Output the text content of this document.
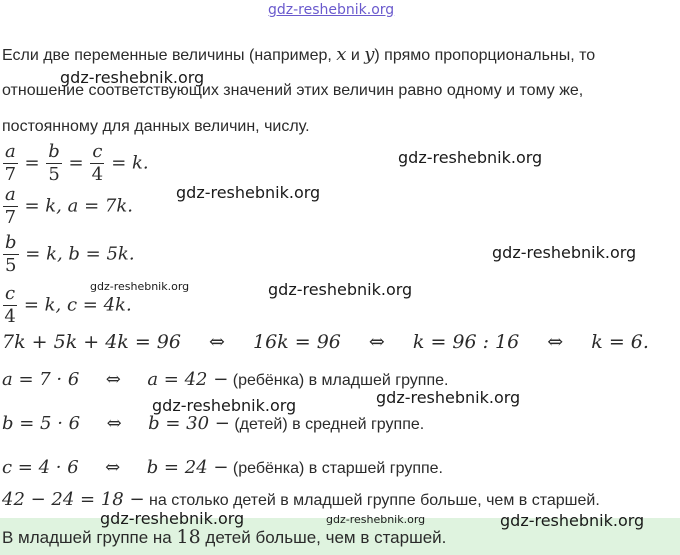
gdz-reshebnik.org
gdz-reshebnik.org
gdz-reshebnik.org
gdz-reshebnik.org
gdz-reshebnik.org
gdz-reshebnik.org	gdz-reshebnik.org
gdz-reshebnik.org
gdz-reshebnik.org
Если две переменные величины (например, x и y) прямо пропорциональны, то
отношение соответствующих значений этих величин равно одному и тому же,
постоянному для данных величин, числу.
$\frac{a}{7} = \frac{b}{5} = \frac{c}{4} = k$.
$\frac{a}{7} = k$, a = 7k.
$\frac{b}{5} = k$, b = 5k.
$\frac{c}{4} = k$, c = 4k.
7k + 5k + 4k = 96 ⇔ 16k = 96 ⇔ k = 96 : 16 ⇔ k = 6.
a = 7 · 6 ⇔ a = 42 − (ребёнка) в младшей группе.
b = 5 · 6 ⇔ b = 30 − (детей) в средней группе.
c = 4 · 6 ⇔ b = 24 − (ребёнка) в старшей группе.
42 − 24 = 18 − на столько детей в младшей группе больше, чем в старшей.
В младшей группе на 18 детей больше, чем в старшей.
gdz-reshebnik.org	gdz-reshebnik.org	gdz-reshebnik.org
